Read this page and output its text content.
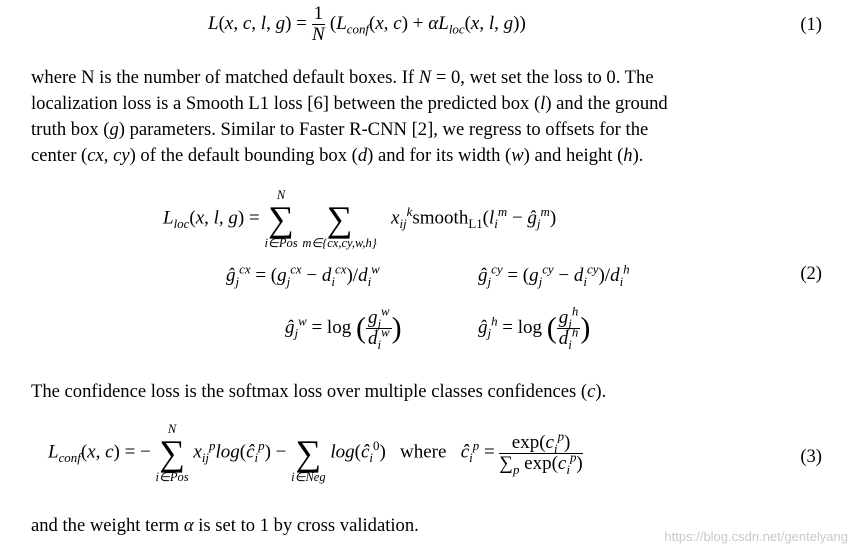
L(x, c, l, $g) = \frac{1}{N} (L_{conf}(x$, $c) + \alpha L_{loc}(x$, l, g))	(1)
where N is the number of matched default boxes. If N = 0, wet set the loss to 0. The
localization loss is a Smooth L1 loss [6] between the predicted box (l) and the ground
truth box (g) parameters. Similar to Faster R-CNN [2], we regress to offsets for the
center (cx, cy) of the default bounding box (d) and for its width (w) and height (h).
$L_{loc}(x$, l, g) =
N
∑
i∈Pos

∑
m∈{cx,cy,w,h}
$x_{ij}^ksmooth_{L1}(l_i^m$ − $ĝ_j^m$)
$ĝ_j^{cx} = (g_j^{cx} - d_i^{cx})/d_i^w$	$ĝ_j^{cy} = (g_j^{cy} - d_i^{cy})/d_i^h$	(2)
$ĝ_j^w = \log$ ( $\frac{g_j^w}{d_i^w}$ )	$ĝ_j^h = \log$ ( $\frac{g_j^h}{d_i^h}$ )
The confidence loss is the softmax loss over multiple classes confidences (c).
$L_{conf}(x$, c) = −
N
∑
i∈Pos
$x_{ij}^p\log(ĉ_i^p)$ −
∑
i∈Neg
$\log(ĉ_i^0)$   where $ĉ_i^p = \frac{\exp(c_i^p)}{\sum_p \exp(c_i^p)}$	(3)
and the weight term α is set to 1 by cross validation.
https://blog.csdn.net/gentelyang
